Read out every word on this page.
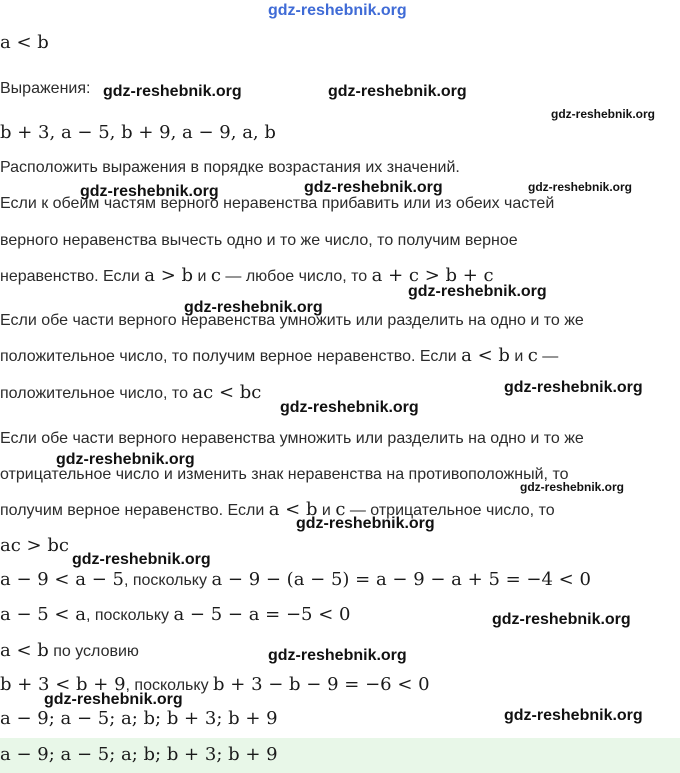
a < b
Выражения:
b + 3, a − 5, b + 9, a − 9, a, b
Расположить выражения в порядке возрастания их значений.
Если к обеим частям верного неравенства прибавить или из обеих частей
верного неравенства вычесть одно и то же число, то получим верное
неравенство. Если a > b и c — любое число, то a + c > b + c
Если обе части верного неравенства умножить или разделить на одно и то же
положительное число, то получим верное неравенство. Если a < b и c —
положительное число, то ac < bc
Если обе части верного неравенства умножить или разделить на одно и то же
отрицательное число и изменить знак неравенства на противоположный, то
получим верное неравенство. Если a < b и c — отрицательное число, то
ac > bc
a − 9 < a − 5, поскольку a − 9 − (a − 5) = a − 9 − a + 5 = −4 < 0
a − 5 < a, поскольку a − 5 − a = −5 < 0
a < b по условию
b + 3 < b + 9, поскольку b + 3 − b − 9 = −6 < 0
a − 9; a − 5; a; b; b + 3; b + 9
a − 9; a − 5; a; b; b + 3; b + 9
gdz-reshebnik.org
gdz-reshebnik.org	gdz-reshebnik.org
gdz-reshebnik.org
gdz-reshebnik.org	gdz-reshebnik.org	gdz-reshebnik.org
gdz-reshebnik.org
gdz-reshebnik.org
gdz-reshebnik.org
gdz-reshebnik.org
gdz-reshebnik.org
gdz-reshebnik.org
gdz-reshebnik.org
gdz-reshebnik.org
gdz-reshebnik.org
gdz-reshebnik.org
gdz-reshebnik.org
gdz-reshebnik.org
